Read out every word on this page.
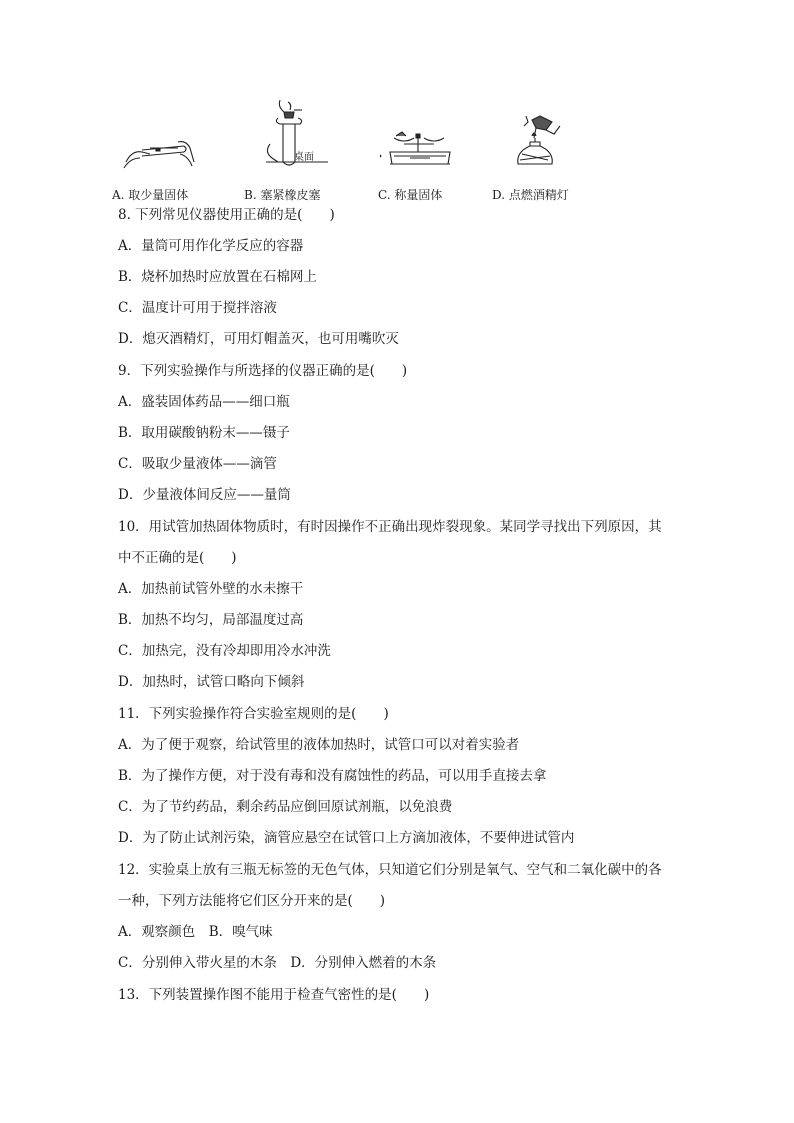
A. 取少量固体
桌面
B. 塞紧橡皮塞	C. 称量固体	D. 点燃酒精灯
8. 下列常见仪器使用正确的是(　　)
A．量筒可用作化学反应的容器
B．烧杯加热时应放置在石棉网上
C．温度计可用于搅拌溶液
D．熄灭酒精灯，可用灯帽盖灭，也可用嘴吹灭
9．下列实验操作与所选择的仪器正确的是(　　)
A．盛装固体药品——细口瓶
B．取用碳酸钠粉末——镊子
C．吸取少量液体——滴管
D．少量液体间反应——量筒
10．用试管加热固体物质时，有时因操作不正确出现炸裂现象。某同学寻找出下列原因，其
中不正确的是(　　)
A．加热前试管外壁的水未擦干
B．加热不均匀，局部温度过高
C．加热完，没有冷却即用冷水冲洗
D．加热时，试管口略向下倾斜
11．下列实验操作符合实验室规则的是(　　)
A．为了便于观察，给试管里的液体加热时，试管口可以对着实验者
B．为了操作方便，对于没有毒和没有腐蚀性的药品，可以用手直接去拿
C．为了节约药品，剩余药品应倒回原试剂瓶，以免浪费
D．为了防止试剂污染，滴管应悬空在试管口上方滴加液体，不要伸进试管内
12．实验桌上放有三瓶无标签的无色气体，只知道它们分别是氧气、空气和二氧化碳中的各
一种，下列方法能将它们区分开来的是(　　)
A．观察颜色　B．嗅气味
C．分别伸入带火星的木条　D．分别伸入燃着的木条
13．下列装置操作图不能用于检查气密性的是(　　)
